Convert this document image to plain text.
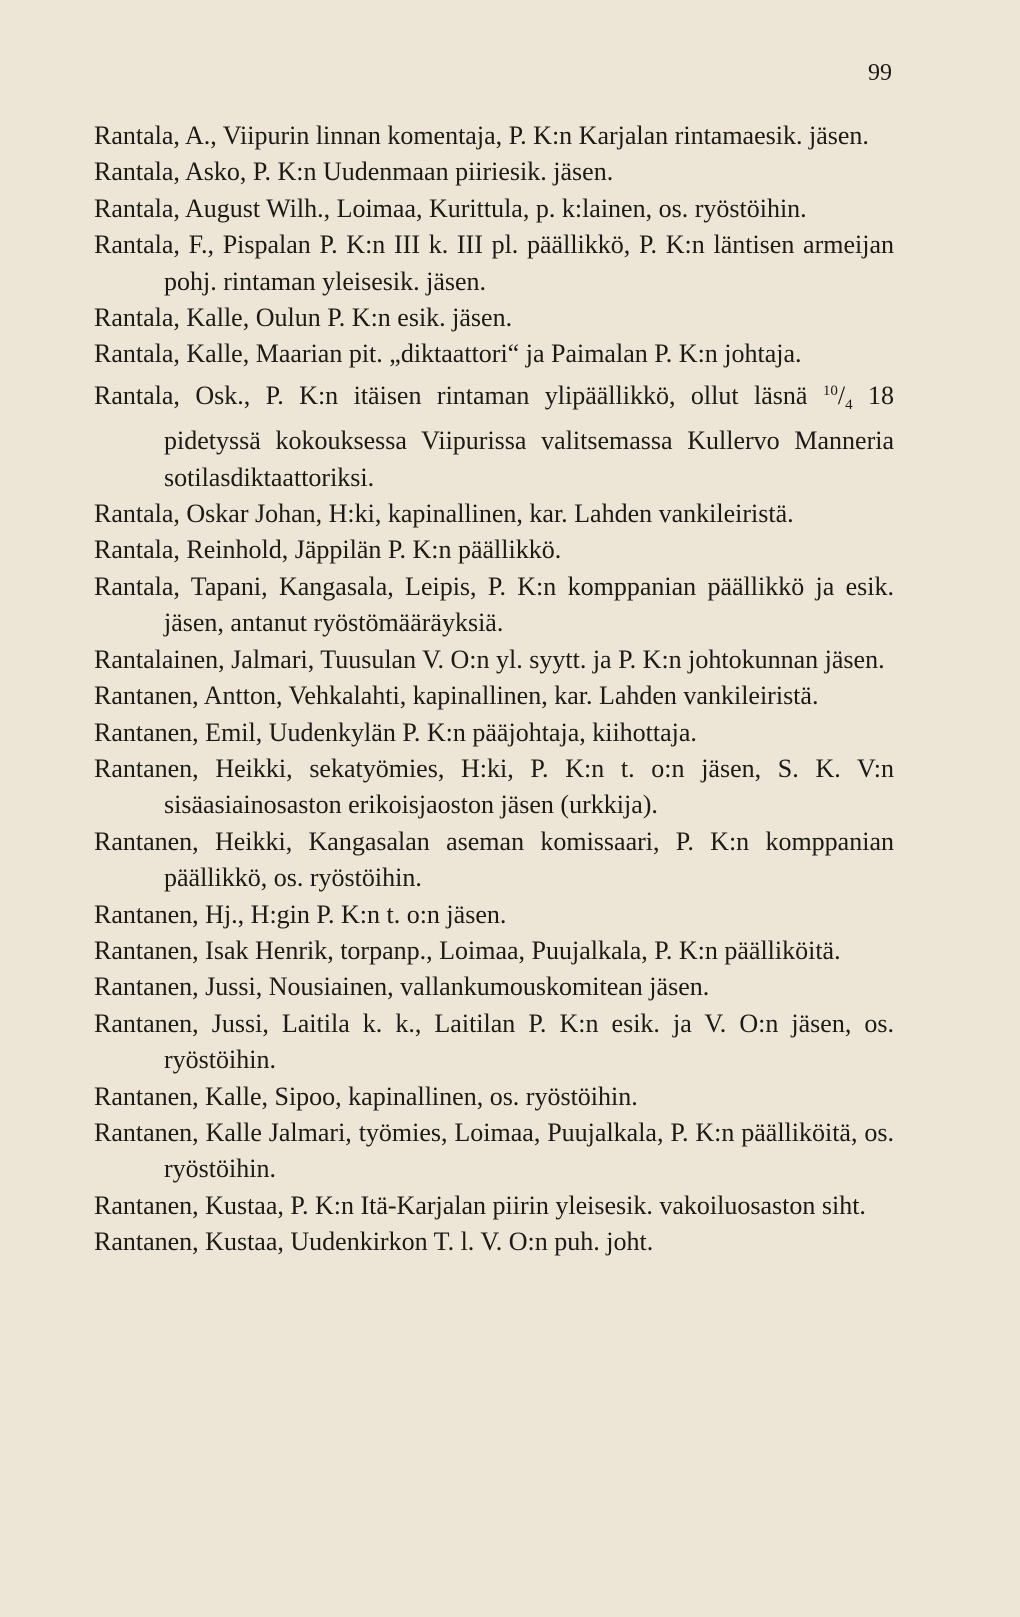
99

Rantala, A., Viipurin linnan komentaja, P. K:n Karjalan rintamaesik. jäsen.

Rantala, Asko, P. K:n Uudenmaan piiriesik. jäsen.

Rantala, August Wilh., Loimaa, Kurittula, p. k:lainen, os. ryöstöihin.

Rantala, F., Pispalan P. K:n III k. III pl. päällikkö, P. K:n läntisen armeijan pohj. rintaman yleisesik. jäsen.

Rantala, Kalle, Oulun P. K:n esik. jäsen.

Rantala, Kalle, Maarian pit. „diktaattori“ ja Paimalan P. K:n johtaja.

Rantala, Osk., P. K:n itäisen rintaman ylipäällikkö, ollut läsnä $^{10}/_4$ 18 pidetyssä kokouksessa Viipurissa valitsemassa Kullervo Manneria sotilasdiktaattoriksi.

Rantala, Oskar Johan, H:ki, kapinallinen, kar. Lahden vankileiristä.

Rantala, Reinhold, Jäppilän P. K:n päällikkö.

Rantala, Tapani, Kangasala, Leipis, P. K:n komppanian päällikkö ja esik. jäsen, antanut ryöstömääräyksiä.

Rantalainen, Jalmari, Tuusulan V. O:n yl. syytt. ja P. K:n johtokunnan jäsen.

Rantanen, Antton, Vehkalahti, kapinallinen, kar. Lahden vankileiristä.

Rantanen, Emil, Uudenkylän P. K:n pääjohtaja, kiihottaja.

Rantanen, Heikki, sekatyömies, H:ki, P. K:n t. o:n jäsen, S. K. V:n sisäasiainosaston erikoisjaoston jäsen (urkkija).

Rantanen, Heikki, Kangasalan aseman komissaari, P. K:n komppanian päällikkö, os. ryöstöihin.

Rantanen, Hj., H:gin P. K:n t. o:n jäsen.

Rantanen, Isak Henrik, torpanp., Loimaa, Puujalkala, P. K:n päälliköitä.

Rantanen, Jussi, Nousiainen, vallankumouskomitean jäsen.

Rantanen, Jussi, Laitila k. k., Laitilan P. K:n esik. ja V. O:n jäsen, os. ryöstöihin.

Rantanen, Kalle, Sipoo, kapinallinen, os. ryöstöihin.

Rantanen, Kalle Jalmari, työmies, Loimaa, Puujalkala, P. K:n päälliköitä, os. ryöstöihin.

Rantanen, Kustaa, P. K:n Itä-Karjalan piirin yleisesik. vakoiluosaston siht.

Rantanen, Kustaa, Uudenkirkon T. l. V. O:n puh. joht.
